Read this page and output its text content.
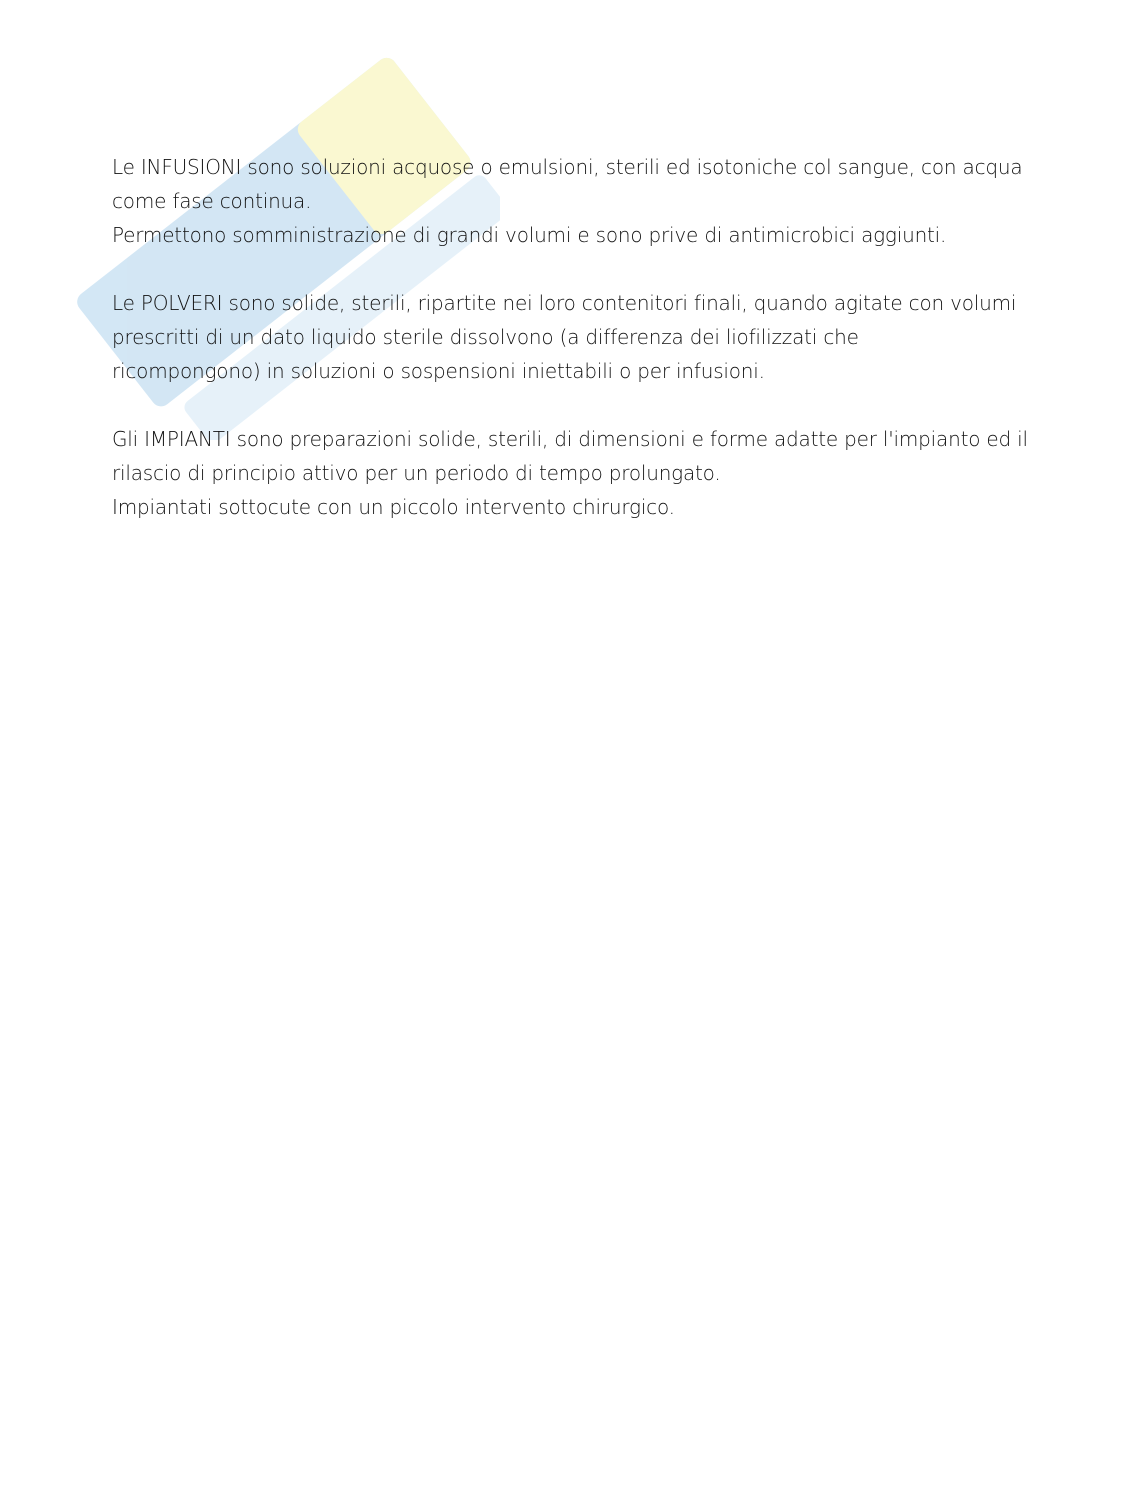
Le INFUSIONI sono soluzioni acquose o emulsioni, sterili ed isotoniche col sangue, con acqua
come fase continua.
Permettono somministrazione di grandi volumi e sono prive di antimicrobici aggiunti.

Le POLVERI sono solide, sterili, ripartite nei loro contenitori finali, quando agitate con volumi
prescritti di un dato liquido sterile dissolvono (a differenza dei liofilizzati che
ricompongono) in soluzioni o sospensioni iniettabili o per infusioni.

Gli IMPIANTI sono preparazioni solide, sterili, di dimensioni e forme adatte per l'impianto ed il
rilascio di principio attivo per un periodo di tempo prolungato.
Impiantati sottocute con un piccolo intervento chirurgico.
